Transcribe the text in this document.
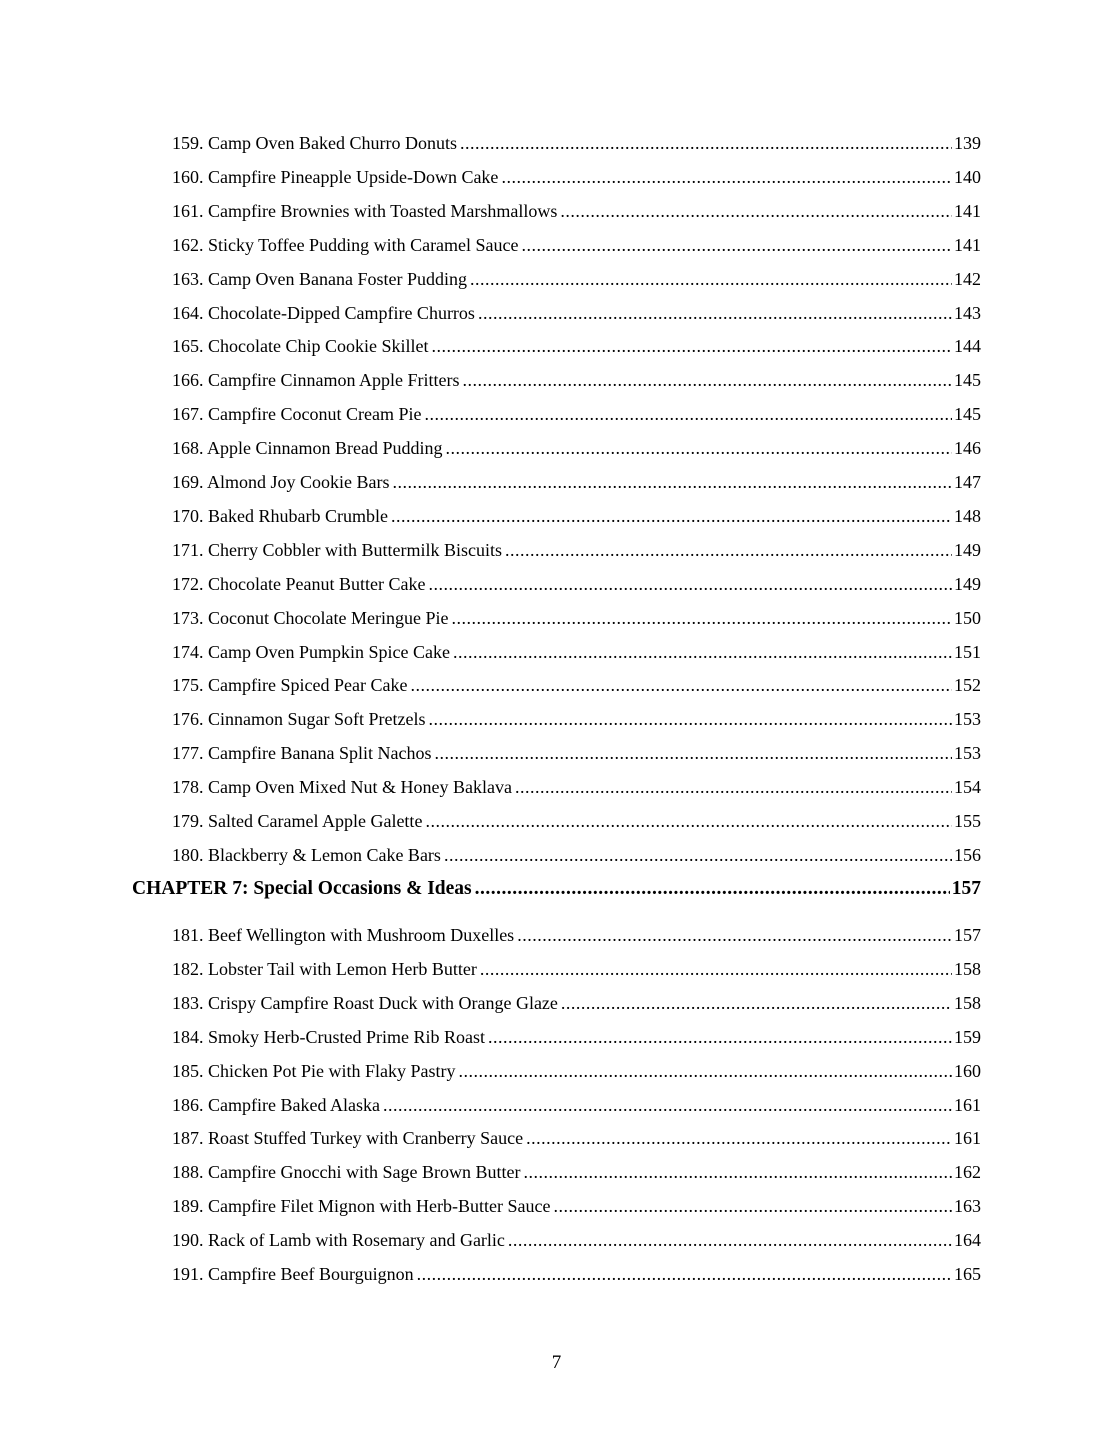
159. Camp Oven Baked Churro Donuts .....	139
160. Campfire Pineapple Upside-Down Cake .....	140
161. Campfire Brownies with Toasted Marshmallows .....	141
162. Sticky Toffee Pudding with Caramel Sauce .....	141
163. Camp Oven Banana Foster Pudding .....	142
164. Chocolate-Dipped Campfire Churros .....	143
165. Chocolate Chip Cookie Skillet .....	144
166. Campfire Cinnamon Apple Fritters .....	145
167. Campfire Coconut Cream Pie .....	145
168. Apple Cinnamon Bread Pudding .....	146
169. Almond Joy Cookie Bars .....	147
170. Baked Rhubarb Crumble .....	148
171. Cherry Cobbler with Buttermilk Biscuits .....	149
172. Chocolate Peanut Butter Cake .....	149
173. Coconut Chocolate Meringue Pie .....	150
174. Camp Oven Pumpkin Spice Cake .....	151
175. Campfire Spiced Pear Cake .....	152
176. Cinnamon Sugar Soft Pretzels .....	153
177. Campfire Banana Split Nachos .....	153
178. Camp Oven Mixed Nut & Honey Baklava .....	154
179. Salted Caramel Apple Galette .....	155
180. Blackberry & Lemon Cake Bars .....	156
CHAPTER 7: Special Occasions & Ideas .....	157
181. Beef Wellington with Mushroom Duxelles .....	157
182. Lobster Tail with Lemon Herb Butter .....	158
183. Crispy Campfire Roast Duck with Orange Glaze .....	158
184. Smoky Herb-Crusted Prime Rib Roast .....	159
185. Chicken Pot Pie with Flaky Pastry .....	160
186. Campfire Baked Alaska .....	161
187. Roast Stuffed Turkey with Cranberry Sauce .....	161
188. Campfire Gnocchi with Sage Brown Butter .....	162
189. Campfire Filet Mignon with Herb-Butter Sauce .....	163
190. Rack of Lamb with Rosemary and Garlic .....	164
191. Campfire Beef Bourguignon .....	165
7
